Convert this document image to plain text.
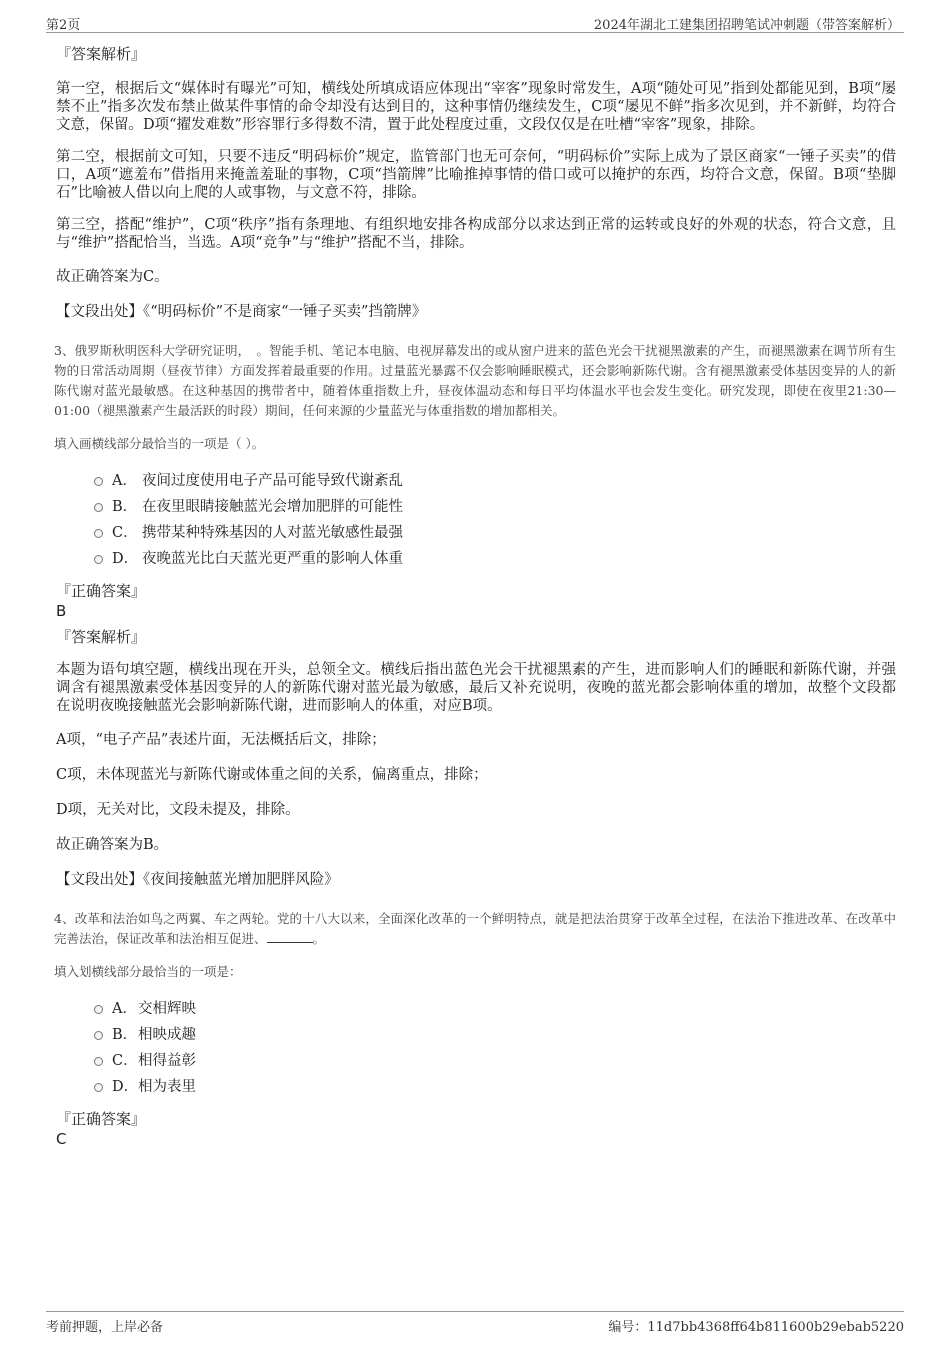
第2页	2024年湖北工建集团招聘笔试冲刺题（带答案解析）
『答案解析』

第一空，根据后文“媒体时有曝光”可知，横线处所填成语应体现出“宰客”现象时常发生，A项“随处可见”指到处都能见到，B项“屡禁不止”指多次发布禁止做某件事情的命令却没有达到目的，这种事情仍继续发生，C项“屡见不鲜”指多次见到，并不新鲜，均符合文意，保留。D项“擢发难数”形容罪行多得数不清，置于此处程度过重，文段仅仅是在吐槽“宰客”现象，排除。

第二空，根据前文可知，只要不违反“明码标价”规定，监管部门也无可奈何，“明码标价”实际上成为了景区商家“一锤子买卖”的借口，A项“遮羞布”借指用来掩盖羞耻的事物，C项“挡箭牌”比喻推掉事情的借口或可以掩护的东西，均符合文意，保留。B项“垫脚石”比喻被人借以向上爬的人或事物，与文意不符，排除。

第三空，搭配“维护”，C项“秩序”指有条理地、有组织地安排各构成部分以求达到正常的运转或良好的外观的状态，符合文意，且与“维护”搭配恰当，当选。A项“竞争”与“维护”搭配不当，排除。

故正确答案为C。

【文段出处】《“明码标价”不是商家“一锤子买卖”挡箭牌》

3、俄罗斯秋明医科大学研究证明，　。智能手机、笔记本电脑、电视屏幕发出的或从窗户进来的蓝色光会干扰褪黑激素的产生，而褪黑激素在调节所有生物的日常活动周期（昼夜节律）方面发挥着最重要的作用。过量蓝光暴露不仅会影响睡眠模式，还会影响新陈代谢。含有褪黑激素受体基因变异的人的新陈代谢对蓝光最敏感。在这种基因的携带者中，随着体重指数上升，昼夜体温动态和每日平均体温水平也会发生变化。研究发现，即使在夜里21:30—01:00（褪黑激素产生最活跃的时段）期间，任何来源的少量蓝光与体重指数的增加都相关。

填入画横线部分最恰当的一项是（ ）。

A． 夜间过度使用电子产品可能导致代谢紊乱
B． 在夜里眼睛接触蓝光会增加肥胖的可能性
C． 携带某种特殊基因的人对蓝光敏感性最强
D． 夜晚蓝光比白天蓝光更严重的影响人体重

『正确答案』

B

『答案解析』

本题为语句填空题，横线出现在开头，总领全文。横线后指出蓝色光会干扰褪黑素的产生，进而影响人们的睡眠和新陈代谢，并强调含有褪黑激素受体基因变异的人的新陈代谢对蓝光最为敏感，最后又补充说明，夜晚的蓝光都会影响体重的增加，故整个文段都在说明夜晚接触蓝光会影响新陈代谢，进而影响人的体重，对应B项。

A项，“电子产品”表述片面，无法概括后文，排除；

C项，未体现蓝光与新陈代谢或体重之间的关系，偏离重点，排除；

D项，无关对比，文段未提及，排除。

故正确答案为B。

【文段出处】《夜间接触蓝光增加肥胖风险》

4、改革和法治如鸟之两翼、车之两轮。党的十八大以来，全面深化改革的一个鲜明特点，就是把法治贯穿于改革全过程，在法治下推进改革、在改革中完善法治，保证改革和法治相互促进、	。

填入划横线部分最恰当的一项是：

A．交相辉映
B．相映成趣
C．相得益彰
D．相为表里

『正确答案』

C

考前押题，上岸必备	编号：11d7bb4368ff64b811600b29ebab5220
